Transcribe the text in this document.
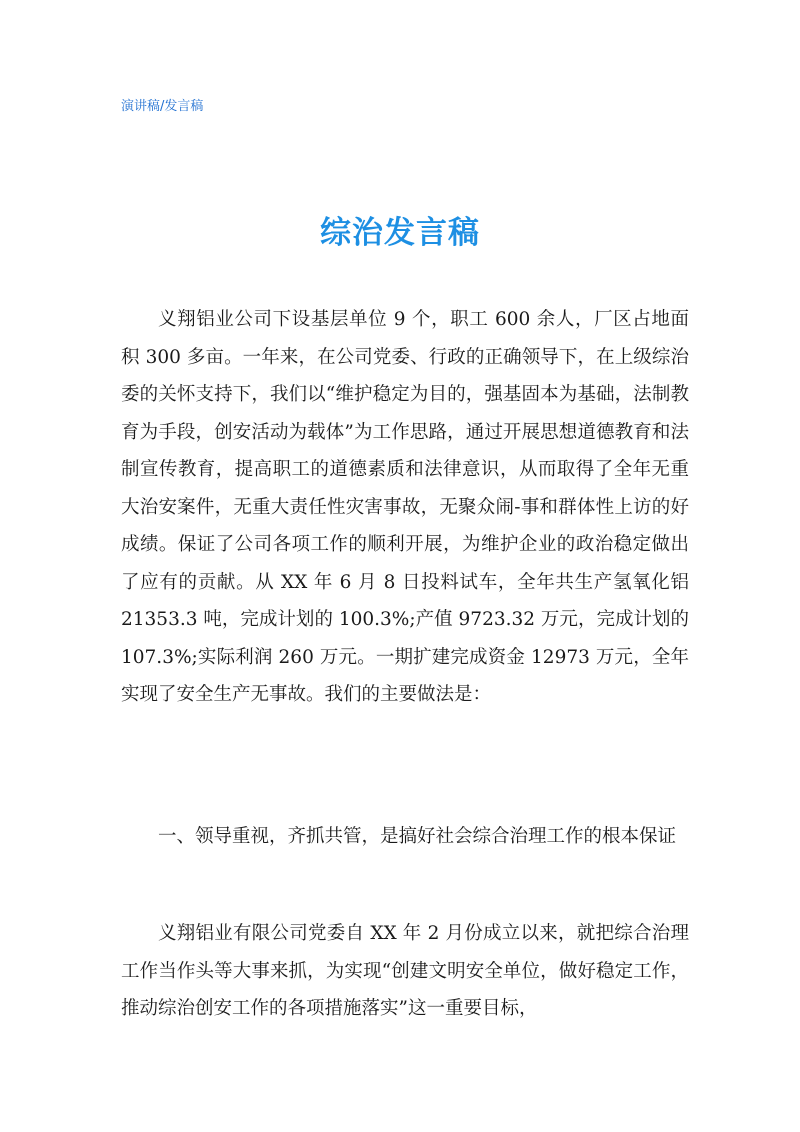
演讲稿/发言稿
综治发言稿

义翔铝业公司下设基层单位 9 个，职工 600 余人，厂区占地面积 300 多亩。一年来，在公司党委、行政的正确领导下，在上级综治委的关怀支持下，我们以“维护稳定为目的，强基固本为基础，法制教育为手段，创安活动为载体”为工作思路，通过开展思想道德教育和法制宣传教育，提高职工的道德素质和法律意识，从而取得了全年无重大治安案件，无重大责任性灾害事故，无聚众闹-事和群体性上访的好成绩。保证了公司各项工作的顺利开展，为维护企业的政治稳定做出了应有的贡献。从 XX 年 6 月 8 日投料试车，全年共生产氢氧化铝 21353.3 吨，完成计划的 100.3%;产值 9723.32 万元，完成计划的 107.3%;实际利润 260 万元。一期扩建完成资金 12973 万元，全年实现了安全生产无事故。我们的主要做法是：

一、领导重视，齐抓共管，是搞好社会综合治理工作的根本保证

义翔铝业有限公司党委自 XX 年 2 月份成立以来，就把综合治理工作当作头等大事来抓，为实现“创建文明安全单位，做好稳定工作，推动综治创安工作的各项措施落实”这一重要目标，
